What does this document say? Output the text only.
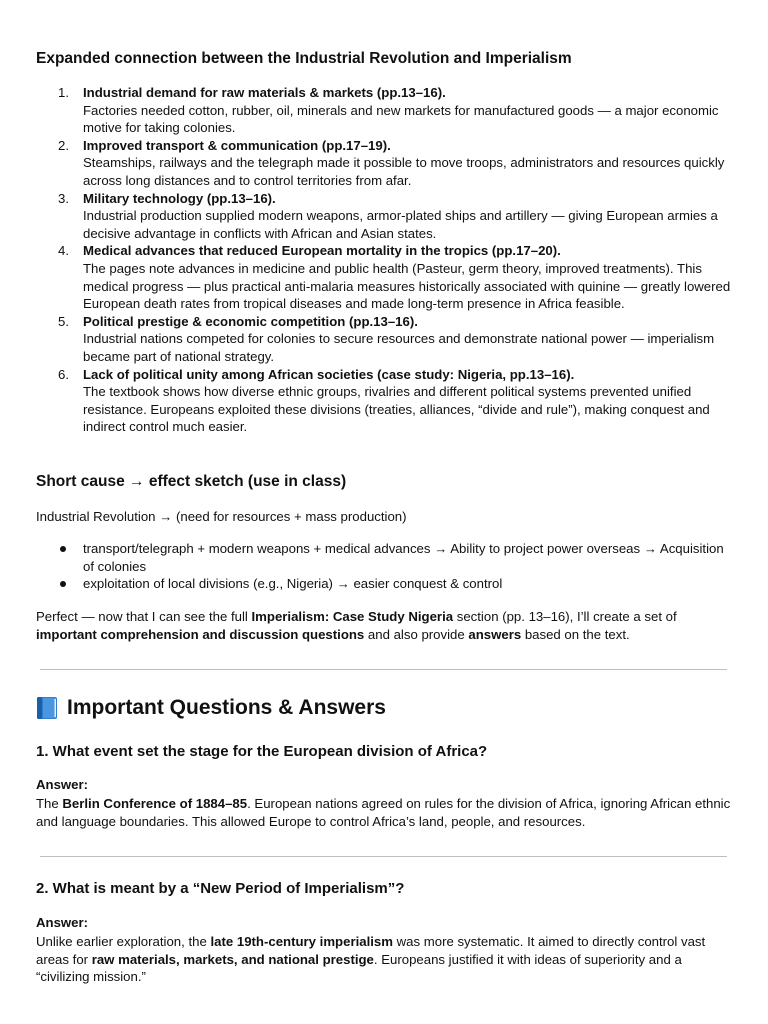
Expanded connection between the Industrial Revolution and Imperialism
1. Industrial demand for raw materials & markets (pp.13–16).
Factories needed cotton, rubber, oil, minerals and new markets for manufactured goods — a major economic motive for taking colonies.
2. Improved transport & communication (pp.17–19).
Steamships, railways and the telegraph made it possible to move troops, administrators and resources quickly across long distances and to control territories from afar.
3. Military technology (pp.13–16).
Industrial production supplied modern weapons, armor-plated ships and artillery — giving European armies a decisive advantage in conflicts with African and Asian states.
4. Medical advances that reduced European mortality in the tropics (pp.17–20).
The pages note advances in medicine and public health (Pasteur, germ theory, improved treatments). This medical progress — plus practical anti-malaria measures historically associated with quinine — greatly lowered European death rates from tropical diseases and made long-term presence in Africa feasible.
5. Political prestige & economic competition (pp.13–16).
Industrial nations competed for colonies to secure resources and demonstrate national power — imperialism became part of national strategy.
6. Lack of political unity among African societies (case study: Nigeria, pp.13–16).
The textbook shows how diverse ethnic groups, rivalries and different political systems prevented unified resistance. Europeans exploited these divisions (treaties, alliances, “divide and rule”), making conquest and indirect control much easier.
Short cause → effect sketch (use in class)
Industrial Revolution → (need for resources + mass production)
transport/telegraph + modern weapons + medical advances → Ability to project power overseas → Acquisition of colonies
exploitation of local divisions (e.g., Nigeria) → easier conquest & control
Perfect — now that I can see the full Imperialism: Case Study Nigeria section (pp. 13–16), I’ll create a set of important comprehension and discussion questions and also provide answers based on the text.
Important Questions & Answers
1. What event set the stage for the European division of Africa?
Answer:
The Berlin Conference of 1884–85. European nations agreed on rules for the division of Africa, ignoring African ethnic and language boundaries. This allowed Europe to control Africa’s land, people, and resources.
2. What is meant by a “New Period of Imperialism”?
Answer:
Unlike earlier exploration, the late 19th-century imperialism was more systematic. It aimed to directly control vast areas for raw materials, markets, and national prestige. Europeans justified it with ideas of superiority and a “civilizing mission.”
